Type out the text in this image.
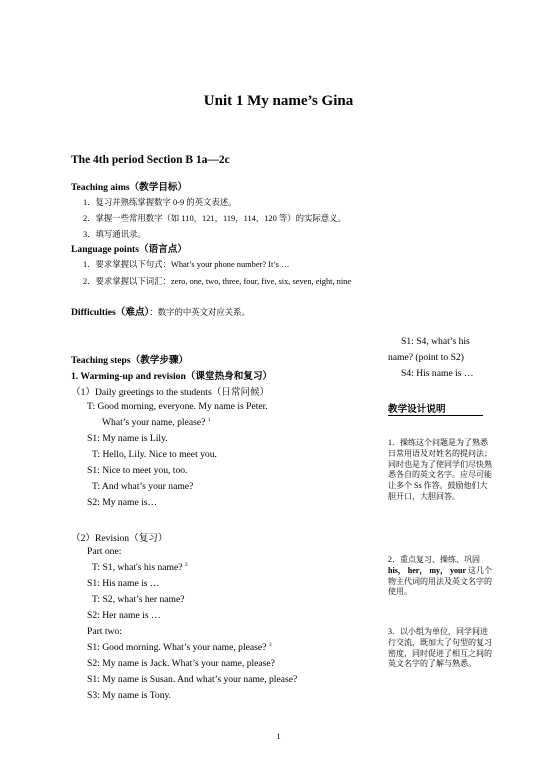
Unit 1 My name’s Gina
The 4th period Section B 1a—2c
Teaching aims（教学目标）
1．复习并熟练掌握数字 0-9 的英文表述。
2．掌握一些常用数字（如 110，121，119，114，120 等）的实际意义。
3．填写通讯录。
Language points（语言点）
1．要求掌握以下句式：What’s your phone number? It’s …
2．要求掌握以下词汇：zero, one, two, three, four, five, six, seven, eight, nine
Difficulties（难点）：数字的中英文对应关系。
Teaching steps（教学步骤）
1. Warming-up and revision（课堂热身和复习）
（1）Daily greetings to the students（日常问候）
T: Good morning, everyone. My name is Peter.
What’s your name, please? $^1$
S1: My name is Lily.
T: Hello, Lily. Nice to meet you.
S1: Nice to meet you, too.
T: And what’s your name?
S2: My name is…
（2）Revision（复习）
Part one:
T: S1, what's his name? $^2$
S1: His name is …
T: S2, what’s her name?
S2: Her name is …
Part two:
S1: Good morning. What’s your name, please? $^3$
S2: My name is Jack. What’s your name, please?
S1: My name is Susan. And what’s your name, please?
S3: My name is Tony.
S1: S4, what’s his
name? (point to S2)
S4: His name is …
教学设计说明
1．操练这个问题是为了熟悉日常用语及对姓名的提问法；同时也是为了使同学们尽快熟悉各自的英文名字。应尽可能让多个 Ss 作答。鼓励他们大胆开口，大胆回答。
2．重点复习、操练、巩固 his， her， my， your 这几个物主代词的用法及英文名字的使用。
3．以小组为单位，同学间进行交流，既加大了句型的复习密度，同时促进了相互之间的英文名字的了解与熟悉。
1
